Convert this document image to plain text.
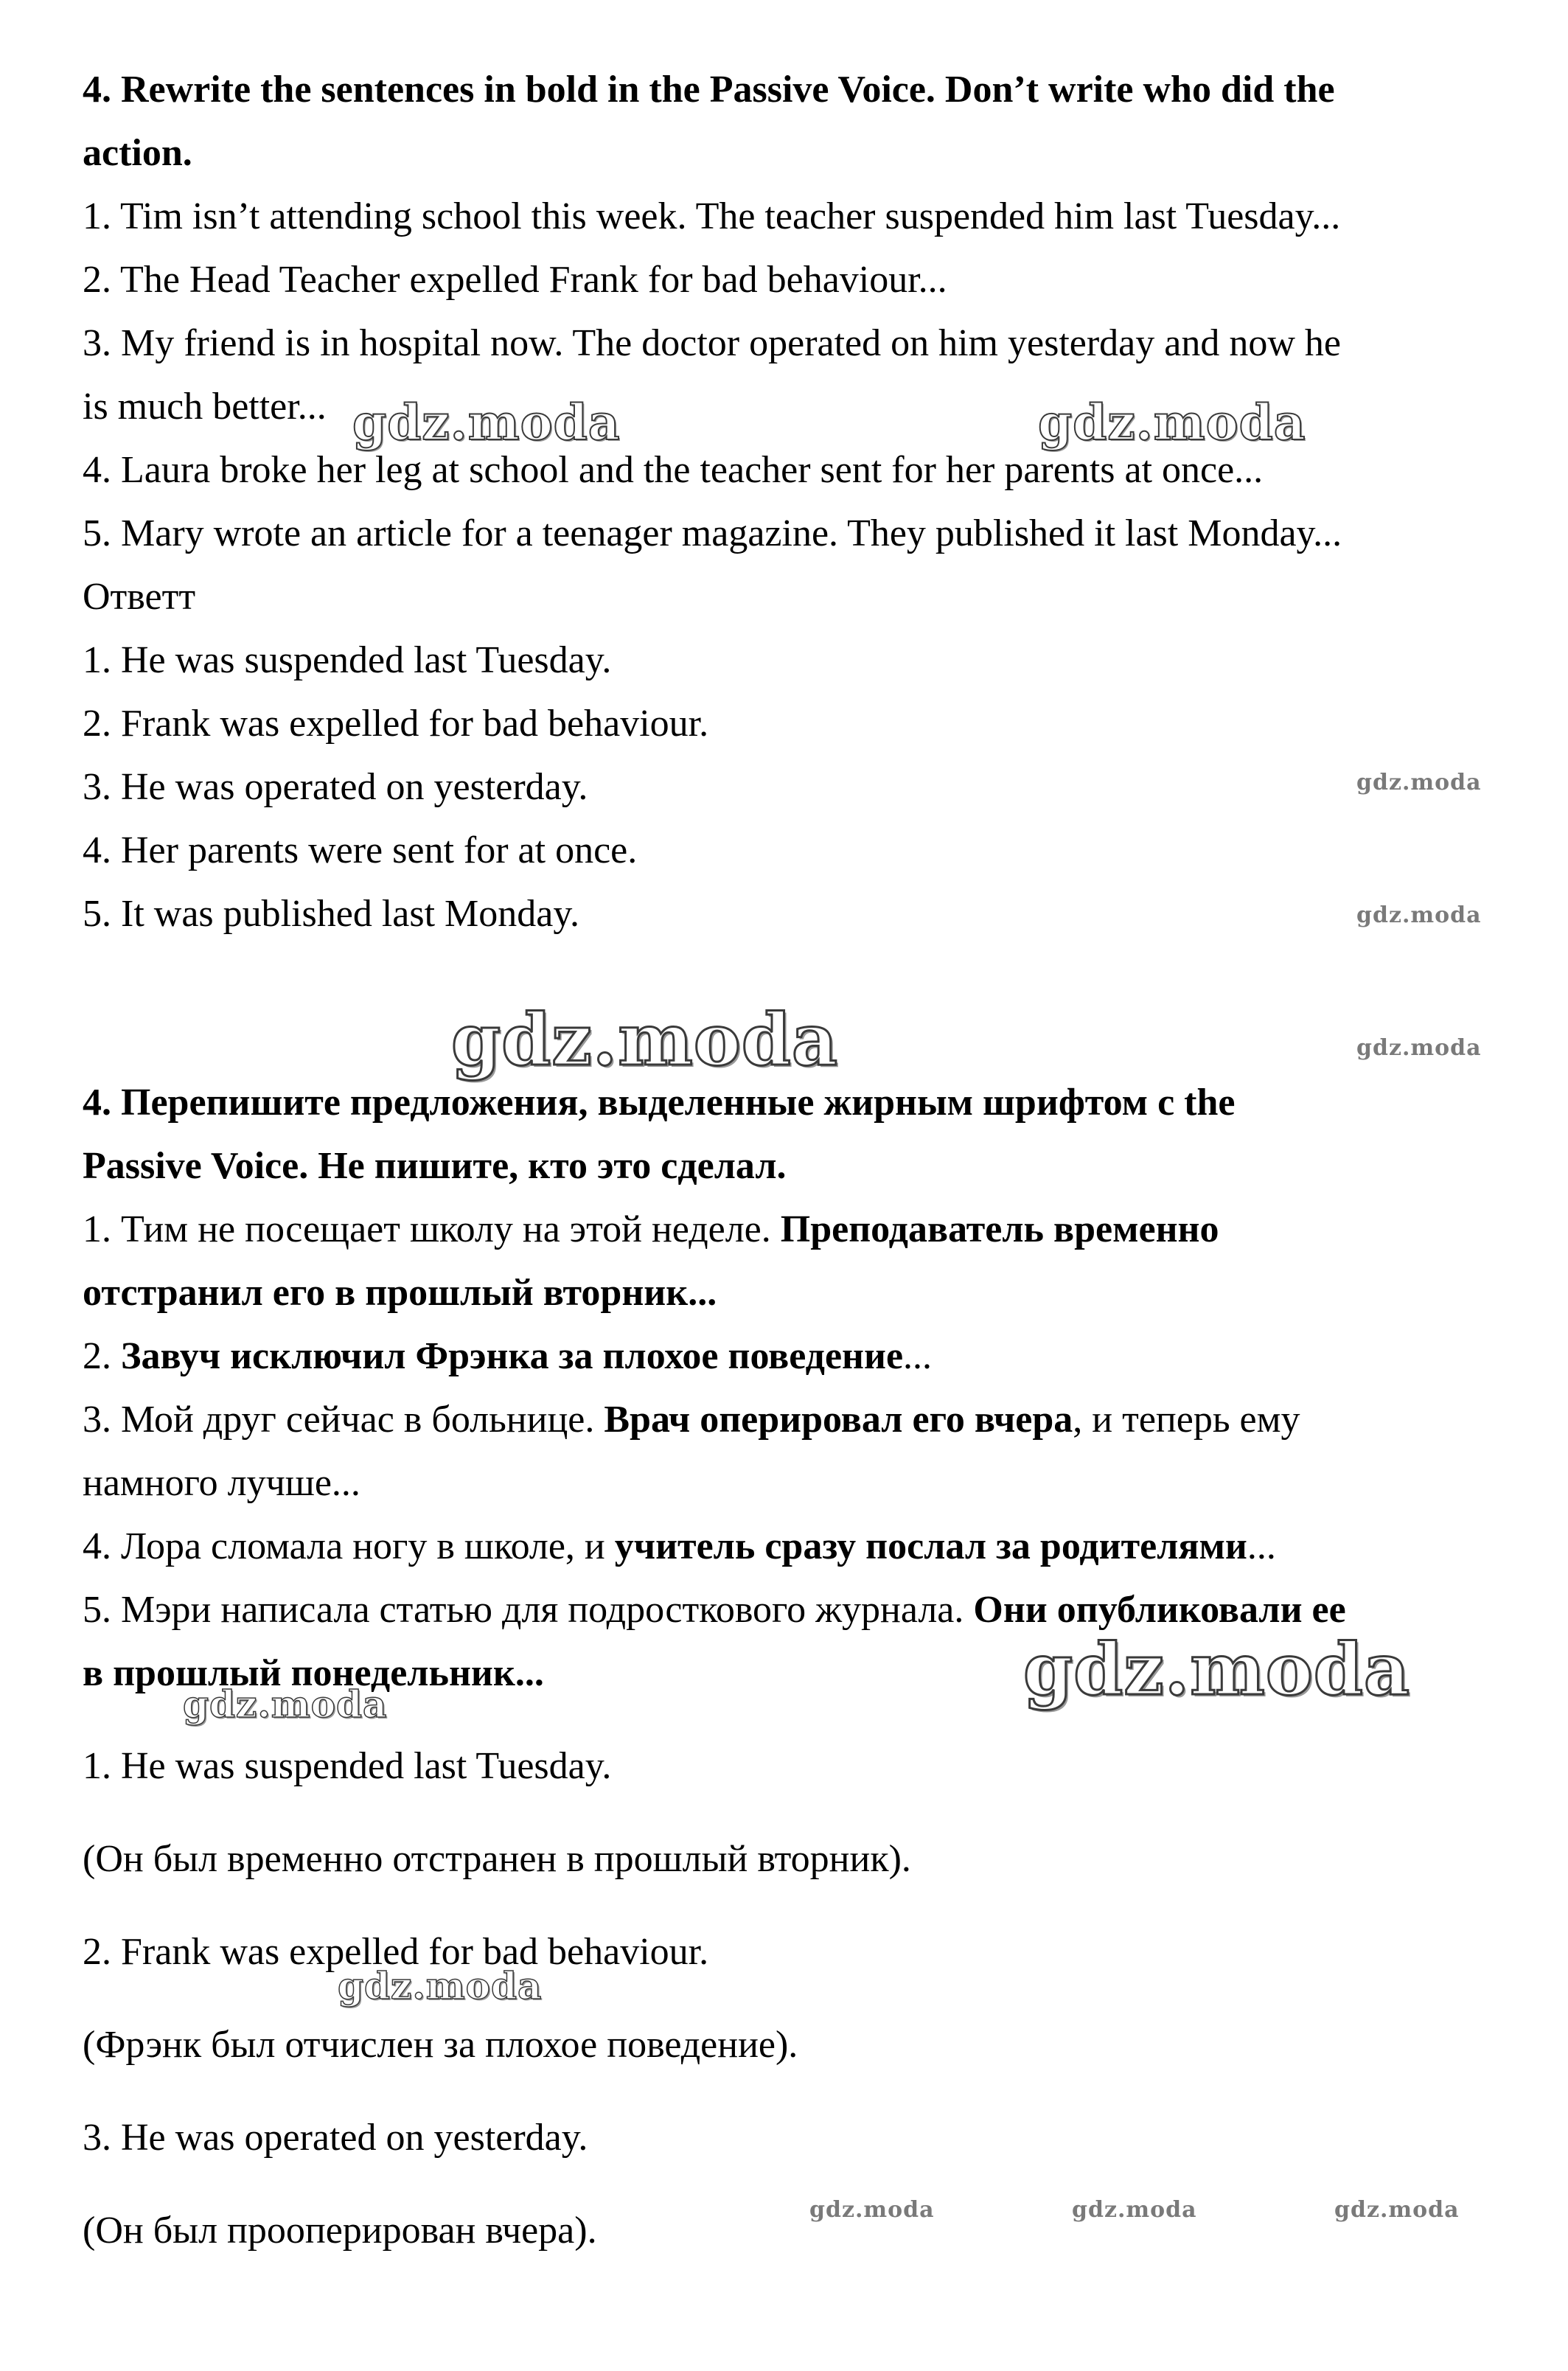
4. Rewrite the sentences in bold in the Passive Voice. Don’t write who did the
action.
1. Tim isn’t attending school this week. The teacher suspended him last Tuesday...
2. The Head Teacher expelled Frank for bad behaviour...
3. My friend is in hospital now. The doctor operated on him yesterday and now he
is much better...
4. Laura broke her leg at school and the teacher sent for her parents at once...
5. Mary wrote an article for a teenager magazine. They published it last Monday...
Ответт
1. He was suspended last Tuesday.
2. Frank was expelled for bad behaviour.
3. He was operated on yesterday.
4. Her parents were sent for at once.
5. It was published last Monday.
4. Перепишите предложения, выделенные жирным шрифтом с the
Passive Voice. Не пишите, кто это сделал.
1. Тим не посещает школу на этой неделе. Преподаватель временно
отстранил его в прошлый вторник...
2. Завуч исключил Фрэнка за плохое поведение...
3. Мой друг сейчас в больнице. Врач оперировал его вчера, и теперь ему
намного лучше...
4. Лора сломала ногу в школе, и учитель сразу послал за родителями...
5. Мэри написала статью для подросткового журнала. Они опубликовали ее
в прошлый понедельник...
1. He was suspended last Tuesday.
(Он был временно отстранен в прошлый вторник).
2. Frank was expelled for bad behaviour.
(Фрэнк был отчислен за плохое поведение).
3. He was operated on yesterday.
(Он был прооперирован вчера).
gdz.moda	gdz.moda
gdz.moda
gdz.moda
gdz.moda
gdz.moda
gdz.moda
gdz.moda
gdz.moda
gdz.moda	gdz.moda	gdz.moda
